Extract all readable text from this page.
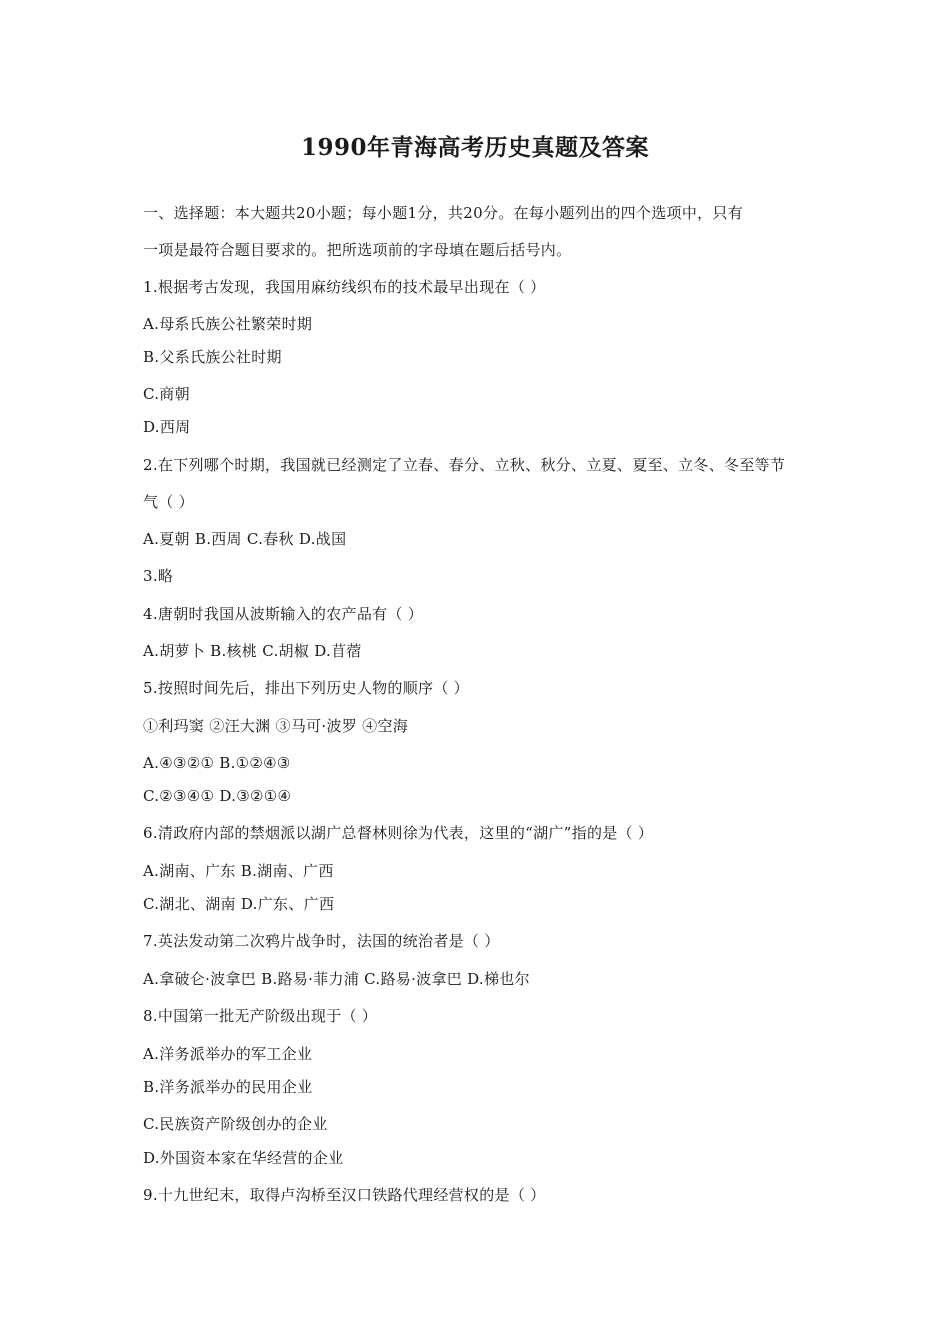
1990年青海高考历史真题及答案
一、选择题：本大题共20小题；每小题1分，共20分。在每小题列出的四个选项中，只有
一项是最符合题目要求的。把所选项前的字母填在题后括号内。
1.根据考古发现，我国用麻纺线织布的技术最早出现在（ ）
A.母系氏族公社繁荣时期
B.父系氏族公社时期
C.商朝
D.西周
2.在下列哪个时期，我国就已经测定了立春、春分、立秋、秋分、立夏、夏至、立冬、冬至等节
气（ ）
A.夏朝 B.西周 C.春秋 D.战国
3.略
4.唐朝时我国从波斯输入的农产品有（ ）
A.胡萝卜 B.核桃 C.胡椒 D.苜蓿
5.按照时间先后，排出下列历史人物的顺序（ ）
①利玛窦 ②汪大渊 ③马可·波罗 ④空海
A.④③②① B.①②④③
C.②③④① D.③②①④
6.清政府内部的禁烟派以湖广总督林则徐为代表，这里的“湖广”指的是（ ）
A.湖南、广东 B.湖南、广西
C.湖北、湖南 D.广东、广西
7.英法发动第二次鸦片战争时，法国的统治者是（ ）
A.拿破仑·波拿巴 B.路易·菲力浦 C.路易·波拿巴 D.梯也尔
8.中国第一批无产阶级出现于（ ）
A.洋务派举办的军工企业
B.洋务派举办的民用企业
C.民族资产阶级创办的企业
D.外国资本家在华经营的企业
9.十九世纪末，取得卢沟桥至汉口铁路代理经营权的是（ ）
